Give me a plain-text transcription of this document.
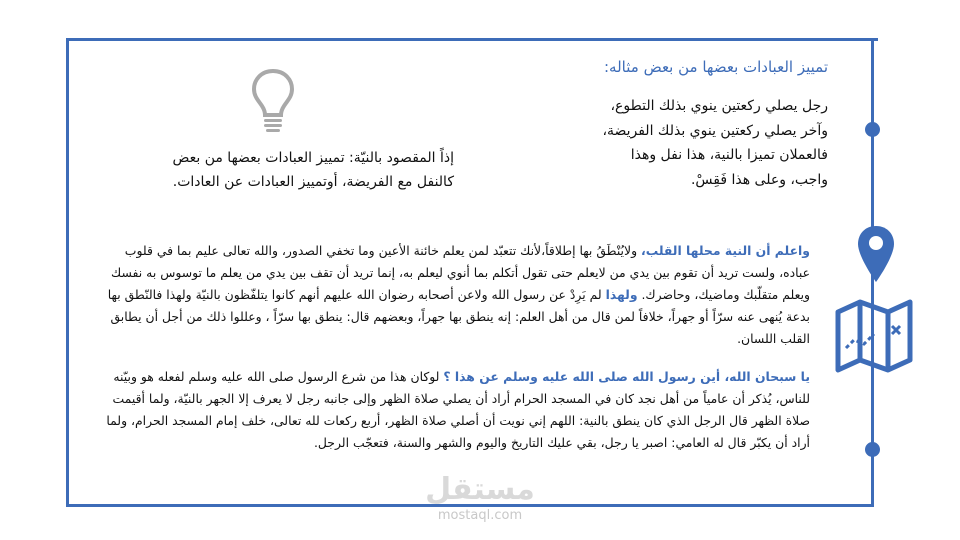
تمييز العبادات بعضها من بعض مثاله:
رجل يصلي ركعتين ينوي بذلك التطوع،
وآخر يصلي ركعتين ينوي بذلك الفريضة،
فالعملان تميزا بالنية، هذا نفل وهذا
واجب، وعلى هذا فَقِسْ.
إذاً المقصود بالنيّة: تمييز العبادات بعضها من بعض
كالنفل مع الفريضة، أوتمييز العبادات عن العادات.
واعلم أن النية محلها القلب، ولايُنْطَقُ بها إطلاقاً،لأنك تتعبّد لمن يعلم خائنة الأعين وما تخفي الصدور، والله تعالى عليم بما في قلوب عباده، ولست تريد أن تقوم بين يدي من لايعلم حتى تقول أتكلم بما أنوي ليعلم به، إنما تريد أن تقف بين يدي من يعلم ما توسوس به نفسك ويعلم متقلّبك وماضيك، وحاضرك. ولهذا لم يَرِدْ عن رسول الله ولاعن أصحابه رضوان الله عليهم أنهم كانوا يتلفّظون بالنيّة ولهذا فالنّطق بها بدعة يُنهى عنه سرّاً أو جهراً، خلافاً لمن قال من أهل العلم: إنه ينطق بها جهراً، وبعضهم قال: ينطق بها سرّاً ، وعللوا ذلك من أجل أن يطابق القلب اللسان.
يا سبحان الله، أين رسول الله صلى الله عليه وسلم عن هذا ؟ لوكان هذا من شرع الرسول صلى الله عليه وسلم لفعله هو وبيّنه للناس، يُذكر أن عامياً من أهل نجد كان في المسجد الحرام أراد أن يصلي صلاة الظهر وإلى جانبه رجل لا يعرف إلا الجهر بالنيّة، ولما أقيمت صلاة الظهر قال الرجل الذي كان ينطق بالنية: اللهم إني نويت أن أصلي صلاة الظهر، أربع ركعات لله تعالى، خلف إمام المسجد الحرام، ولما أراد أن يكبّر قال له العامي: اصبر يا رجل، بقي عليك التاريخ واليوم والشهر والسنة، فتعجّب الرجل.
مستقل
mostaql.com
